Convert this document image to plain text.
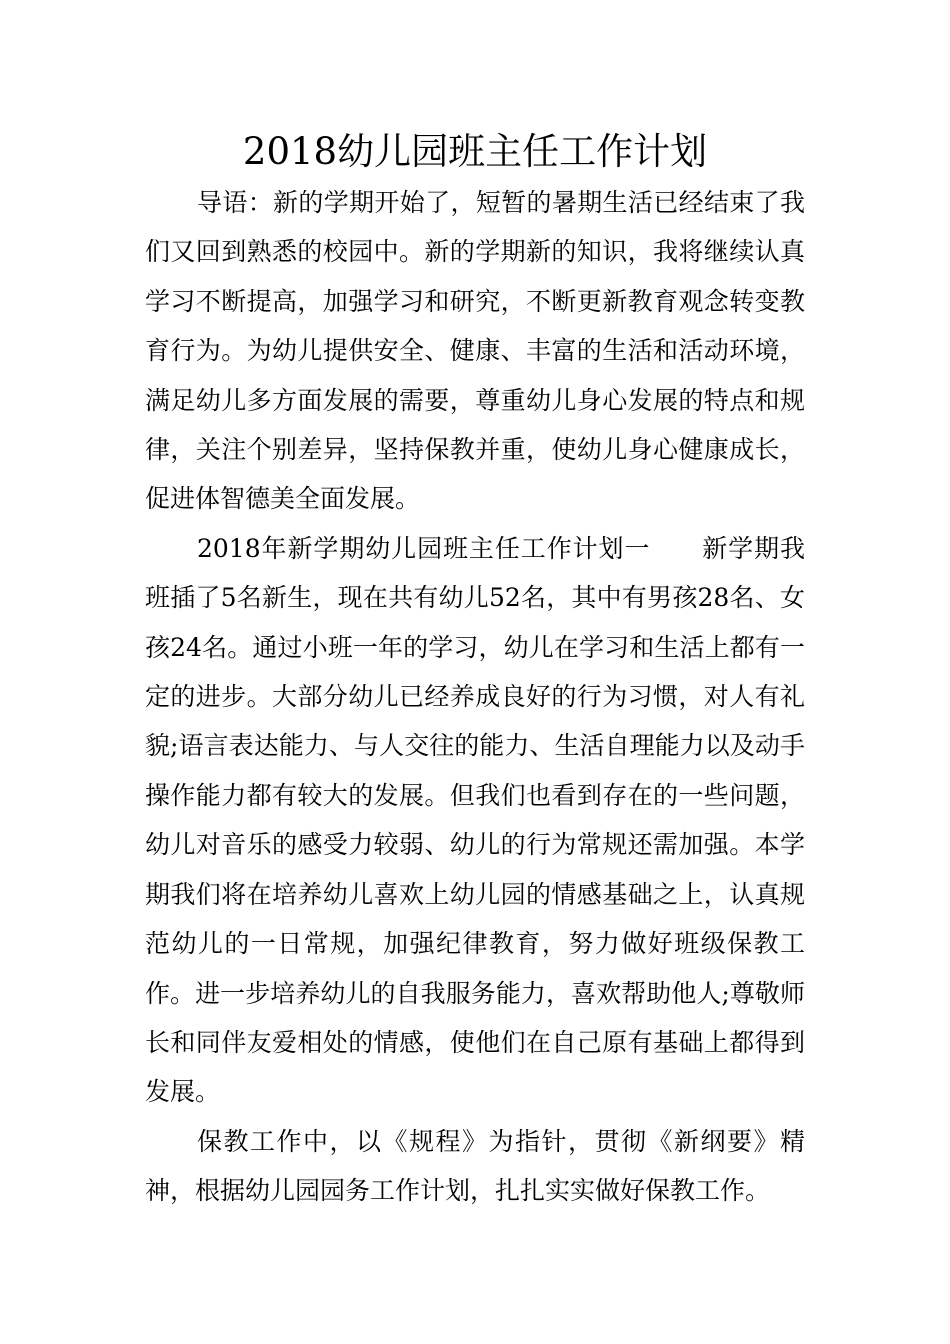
2018幼儿园班主任工作计划

导语：新的学期开始了，短暂的暑期生活已经结束了我们又回到熟悉的校园中。新的学期新的知识，我将继续认真学习不断提高，加强学习和研究，不断更新教育观念转变教育行为。为幼儿提供安全、健康、丰富的生活和活动环境，满足幼儿多方面发展的需要，尊重幼儿身心发展的特点和规律，关注个别差异，坚持保教并重，使幼儿身心健康成长，促进体智德美全面发展。

2018年新学期幼儿园班主任工作计划一　　新学期我班插了5名新生，现在共有幼儿52名，其中有男孩28名、女孩24名。通过小班一年的学习，幼儿在学习和生活上都有一定的进步。大部分幼儿已经养成良好的行为习惯，对人有礼貌;语言表达能力、与人交往的能力、生活自理能力以及动手操作能力都有较大的发展。但我们也看到存在的一些问题，幼儿对音乐的感受力较弱、幼儿的行为常规还需加强。本学期我们将在培养幼儿喜欢上幼儿园的情感基础之上，认真规范幼儿的一日常规，加强纪律教育，努力做好班级保教工作。进一步培养幼儿的自我服务能力，喜欢帮助他人;尊敬师长和同伴友爱相处的情感，使他们在自己原有基础上都得到发展。

保教工作中，以《规程》为指针，贯彻《新纲要》精神，根据幼儿园园务工作计划，扎扎实实做好保教工作。
